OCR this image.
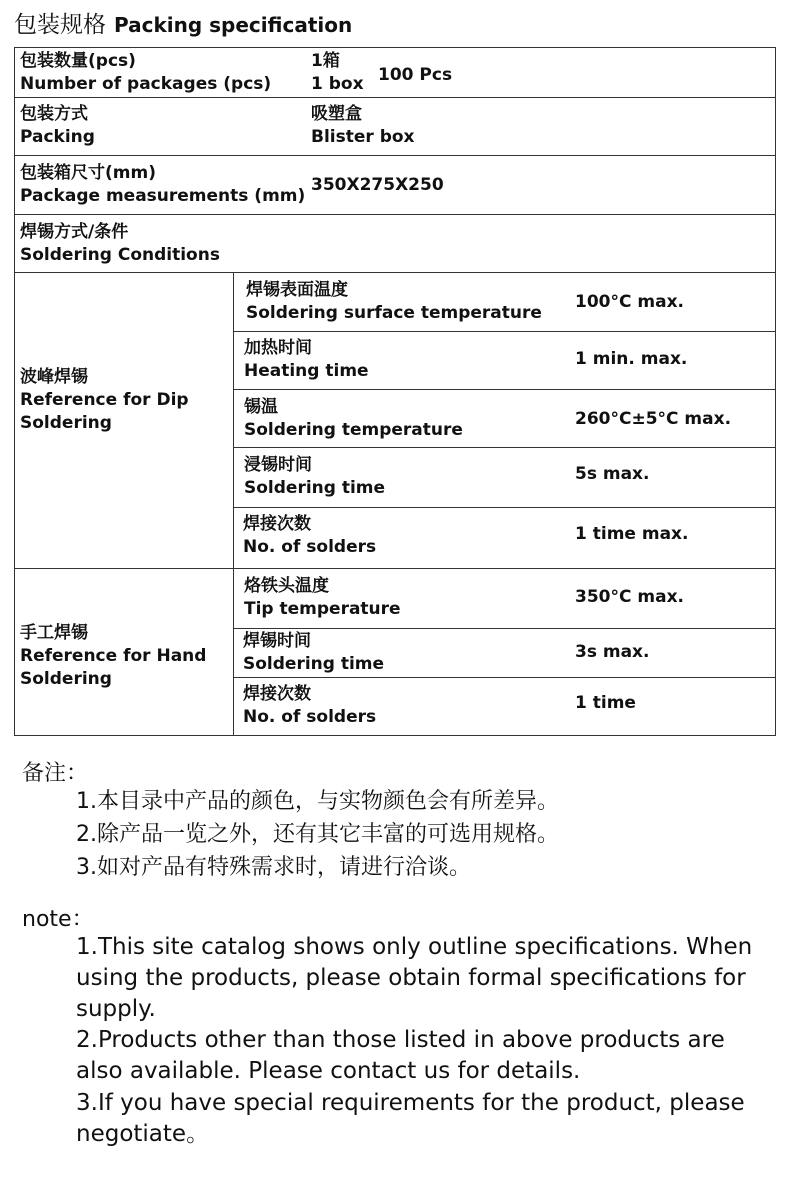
包装规格 Packing specification
包装数量(pcs)
Number of packages (pcs)
1箱
1 box 100 Pcs
包装方式
Packing
吸塑盒
Blister box
包装箱尺寸(mm)
Package measurements (mm)
350X275X250
焊锡方式/条件
Soldering Conditions
波峰焊锡
Reference for Dip
Soldering
焊锡表面温度
Soldering surface temperature
100°C max.
加热时间
Heating time
1 min. max.
锡温
Soldering temperature
260°C±5°C max.
浸锡时间
Soldering time
5s max.
焊接次数
No. of solders
1 time max.
手工焊锡
Reference for Hand
Soldering
烙铁头温度
Tip temperature
350°C max.
焊锡时间
Soldering time
3s max.
焊接次数
No. of solders
1 time
备注：
1.本目录中产品的颜色，与实物颜色会有所差异。
2.除产品一览之外，还有其它丰富的可选用规格。
3.如对产品有特殊需求时，请进行洽谈。
note：
1.This site catalog shows only outline specifications. When using the products, please obtain formal specifications for supply.
2.Products other than those listed in above products are also available. Please contact us for details.
3.If you have special requirements for the product, please negotiate。
